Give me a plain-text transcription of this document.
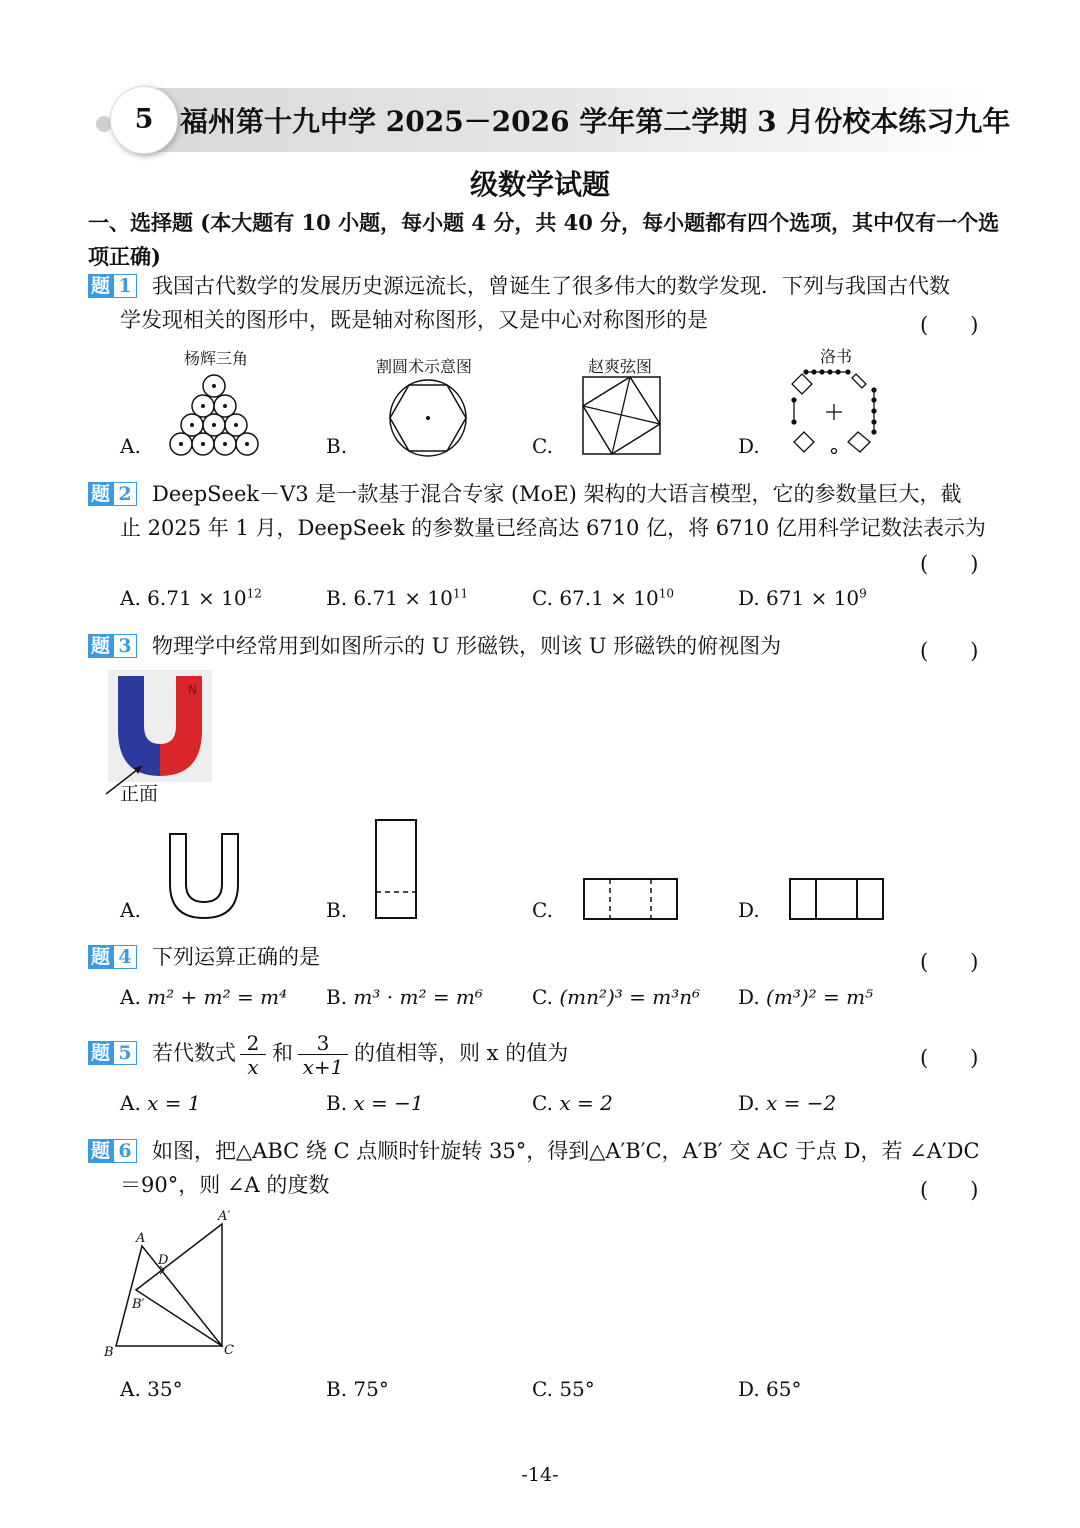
5 福州第十九中学 2025－2026 学年第二学期 3 月份校本练习九年
级数学试题
一、选择题 (本大题有 10 小题，每小题 4 分，共 40 分，每小题都有四个选项，其中仅有一个选
项正确)
题 1 我国古代数学的发展历史源远流长，曾诞生了很多伟大的数学发现．下列与我国古代数
学发现相关的图形中，既是轴对称图形，又是中心对称图形的是	(　　)
A.
杨辉三角
B.
割圆术示意图
C.
赵爽弦图
D.
洛书
题 2 DeepSeek－V3 是一款基于混合专家 (MoE) 架构的大语言模型，它的参数量巨大，截
止 2025 年 1 月，DeepSeek 的参数量已经高达 6710 亿，将 6710 亿用科学记数法表示为
(　　)
A. $6.71 \times 10^{12}$	B. $6.71 \times 10^{11}$	C. $67.1 \times 10^{10}$	D. $671 \times 10^9$
题 3 物理学中经常用到如图所示的 U 形磁铁，则该 U 形磁铁的俯视图为	(　　)
N
正面
A.	B.	C.	D.
题 4 下列运算正确的是	(　　)
A. m² + m² = m⁴ B. m³ · m² = m⁶ C. (mn²)³ = m³n⁶ D. (m³)² = m⁵
题 5 若代数式 $\frac{2}{x}$ 和 $\frac{3}{x+1}$ 的值相等，则 x 的值为	(　　)
A. x = 1	B. x = −1	C. x = 2	D. x = −2
题 6 如图，把△ABC 绕 C 点顺时针旋转 35°，得到△A′B′C，A′B′ 交 AC 于点 D，若 ∠A′DC
＝90°，则 ∠A 的度数	(　　)
A
A′
B
B′
C
D
A. 35°	B. 75°	C. 55°	D. 65°
-14-
